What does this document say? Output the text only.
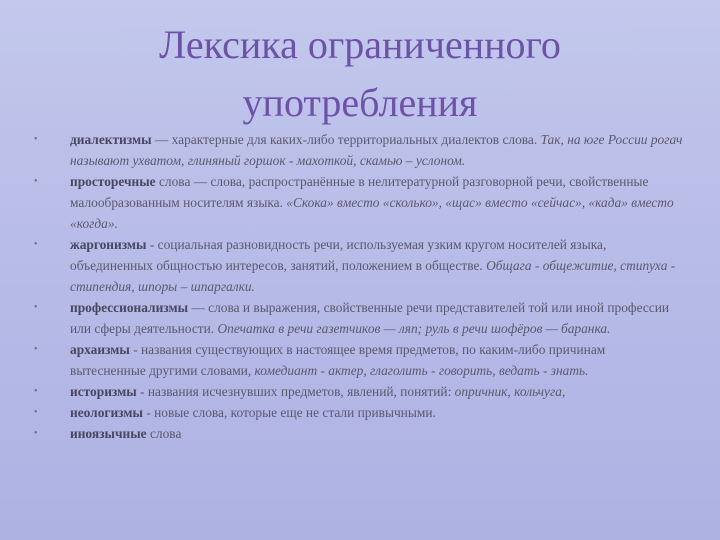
Лексика ограниченного
употребления
•	диалектизмы — характерные для каких-либо территориальных диалектов слова. Так, на юге России рогач называют ухватом, глиняный горшок - махоткой, скамью – услоном.
•	просторечные слова — слова, распространённые в нелитературной разговорной речи, свойственные малообразованным носителям языка. «Скока» вместо «сколько», «щас» вместо «сейчас», «када» вместо «когда».
•	жаргонизмы - социальная разновидность речи, используемая узким кругом носителей языка, объединенных общностью интересов, занятий, положением в обществе. Общага - общежитие, стипуха - стипендия, шпоры – шпаргалки.
•	профессионализмы — слова и выражения, свойственные речи представителей той или иной профессии или сферы деятельности. Опечатка в речи газетчиков — ляп; руль в речи шофёров — баранка.
•	архаизмы - названия существующих в настоящее время предметов, по каким-либо причинам вытесненные другими словами, комедиант - актер, глаголить - говорить, ведать - знать.
•	историзмы - названия исчезнувших предметов, явлений, понятий: опричник, кольчуга,
•	неологизмы - новые слова, которые еще не стали привычными.
•	иноязычные слова
